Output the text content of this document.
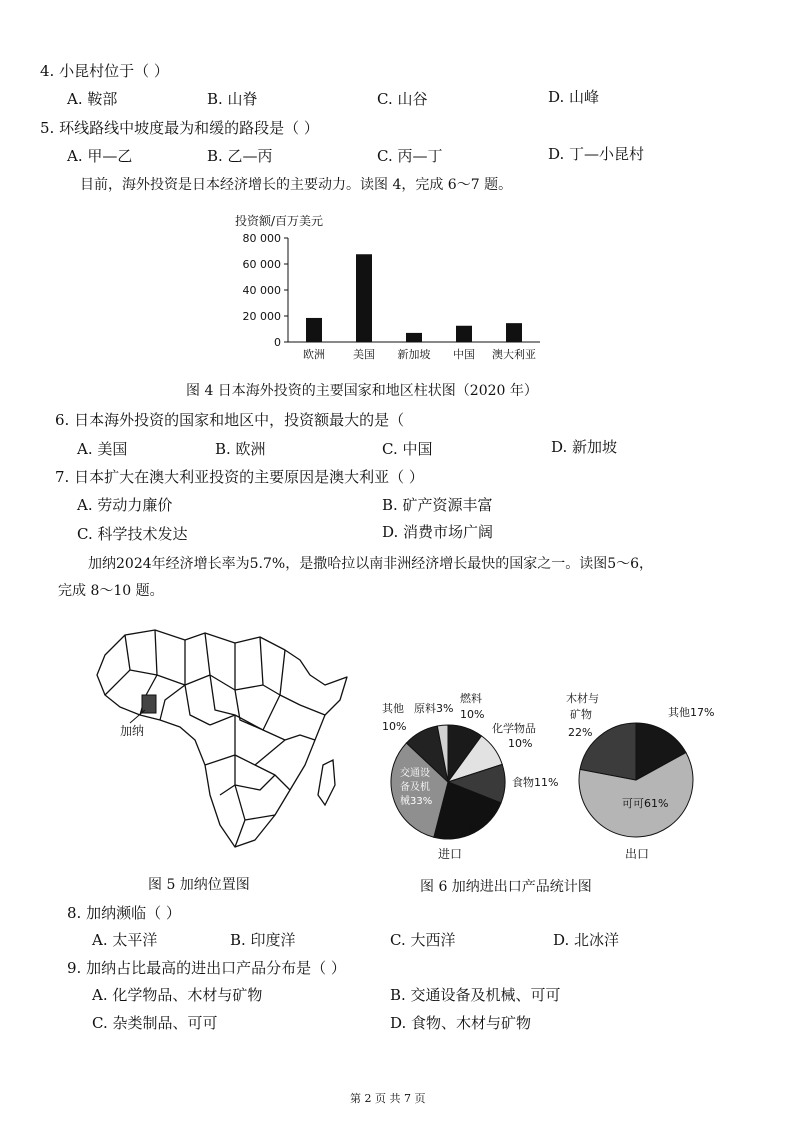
4. 小昆村位于（ ）
A. 鞍部	B. 山脊	C. 山谷	D. 山峰
5. 环线路线中坡度最为和缓的路段是（ ）
A. 甲—乙	B. 乙—丙	C. 丙—丁	D. 丁—小昆村
目前，海外投资是日本经济增长的主要动力。读图 4，完成 6～7 题。
投资额/百万美元
80 000
60 000
40 000
20 000
0
欧洲	美国 新加坡 中国 澳大利亚
图 4 日本海外投资的主要国家和地区柱状图（2020 年）
6. 日本海外投资的国家和地区中，投资额最大的是（
A. 美国	B. 欧洲	C. 中国	D. 新加坡
7. 日本扩大在澳大利亚投资的主要原因是澳大利亚（ ）
A. 劳动力廉价	B. 矿产资源丰富
C. 科学技术发达	D. 消费市场广阔
加纳2024年经济增长率为5.7%，是撒哈拉以南非洲经济增长最快的国家之一。读图5～6，
完成 8～10 题。
加纳
图 5 加纳位置图
其他
10%
原料3%
燃料
10%
化学物品
10%
食物11%
交通设
备及机
械33%
%
进口
木材与
矿物
22%
其他17%
可可61%
出口
图 6 加纳进出口产品统计图
8. 加纳濒临（ ）
A. 太平洋	B. 印度洋	C. 大西洋	D. 北冰洋
9. 加纳占比最高的进出口产品分布是（ ）
A. 化学物品、木材与矿物	B. 交通设备及机械、可可
C. 杂类制品、可可	D. 食物、木材与矿物
第 2 页 共 7 页
